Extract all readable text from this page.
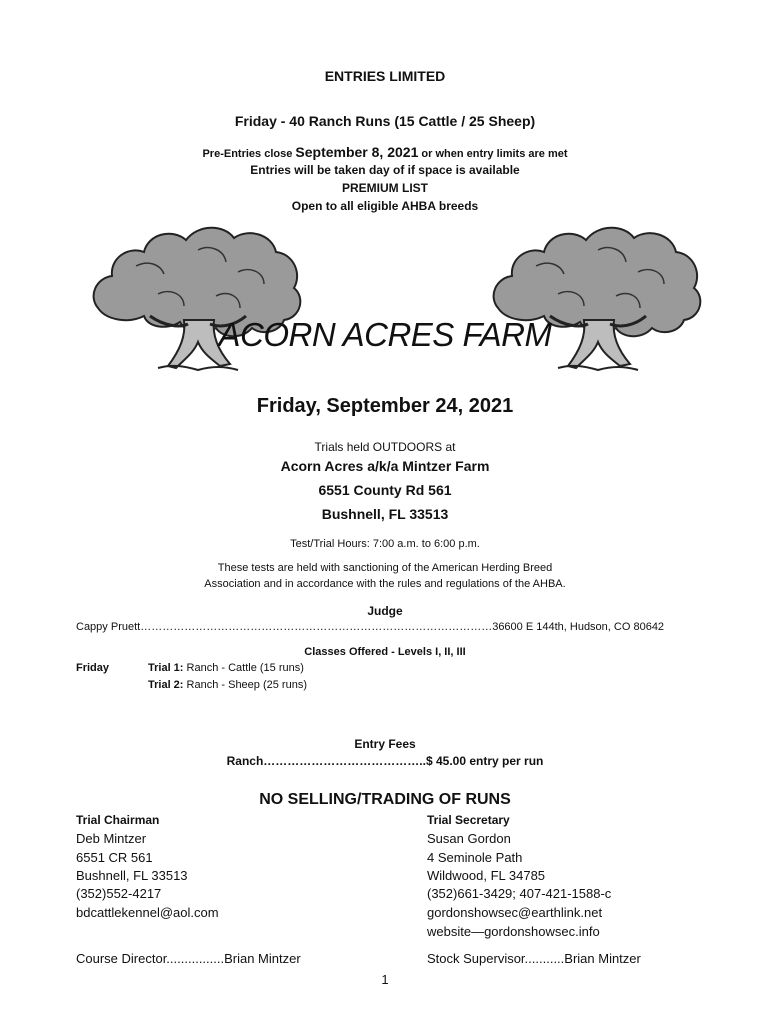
ENTRIES LIMITED
Friday - 40 Ranch Runs (15 Cattle / 25 Sheep)
Pre-Entries close September 8, 2021 or when entry limits are met
Entries will be taken day of if space is available
PREMIUM LIST
Open to all eligible AHBA breeds
ACORN ACRES FARM
Friday, September 24, 2021
Trials held OUTDOORS at
Acorn Acres a/k/a Mintzer Farm
6551 County Rd 561
Bushnell, FL 33513
Test/Trial Hours: 7:00 a.m. to 6:00 p.m.
These tests are held with sanctioning of the American Herding Breed
Association and in accordance with the rules and regulations of the AHBA.
Judge
Cappy Pruett……………………………………………………………………………………36600 E 144th, Hudson, CO 80642
Classes Offered - Levels I, II, III
Friday	Trial 1: Ranch - Cattle (15 runs)
Trial 2: Ranch - Sheep (25 runs)
Entry Fees
Ranch…………………………………..$ 45.00 entry per run
NO SELLING/TRADING OF RUNS
Trial Chairman
Deb Mintzer
6551 CR 561
Bushnell, FL 33513
(352)552-4217
bdcattlekennel@aol.com
Trial Secretary
Susan Gordon
4 Seminole Path
Wildwood, FL 34785
(352)661-3429; 407-421-1588-c
gordonshowsec@earthlink.net
website—gordonshowsec.info
Course Director................Brian Mintzer	Stock Supervisor...........Brian Mintzer
1
